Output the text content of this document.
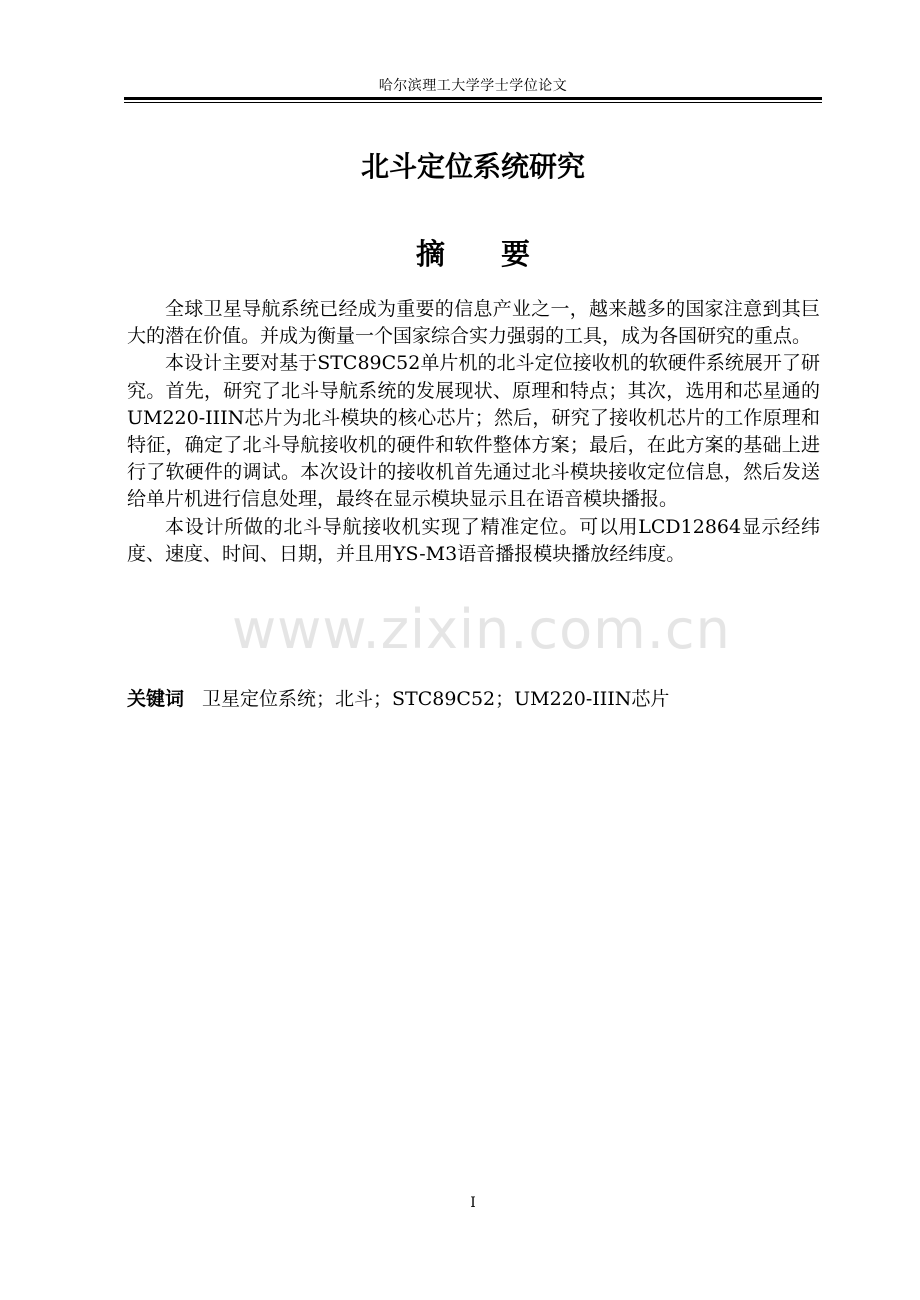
哈尔滨理工大学学士学位论文
北斗定位系统研究
摘要

全球卫星导航系统已经成为重要的信息产业之一，越来越多的国家注意到其巨大的潜在价值。并成为衡量一个国家综合实力强弱的工具，成为各国研究的重点。

本设计主要对基于STC89C52单片机的北斗定位接收机的软硬件系统展开了研究。首先，研究了北斗导航系统的发展现状、原理和特点；其次，选用和芯星通的UM220-IIIN芯片为北斗模块的核心芯片；然后，研究了接收机芯片的工作原理和特征，确定了北斗导航接收机的硬件和软件整体方案；最后，在此方案的基础上进行了软硬件的调试。本次设计的接收机首先通过北斗模块接收定位信息，然后发送给单片机进行信息处理，最终在显示模块显示且在语音模块播报。

本设计所做的北斗导航接收机实现了精准定位。可以用LCD12864显示经纬度、速度、时间、日期，并且用YS-M3语音播报模块播放经纬度。

www.zixin.com.cn
关键词 卫星定位系统；北斗；STC89C52；UM220-IIIN芯片
I
